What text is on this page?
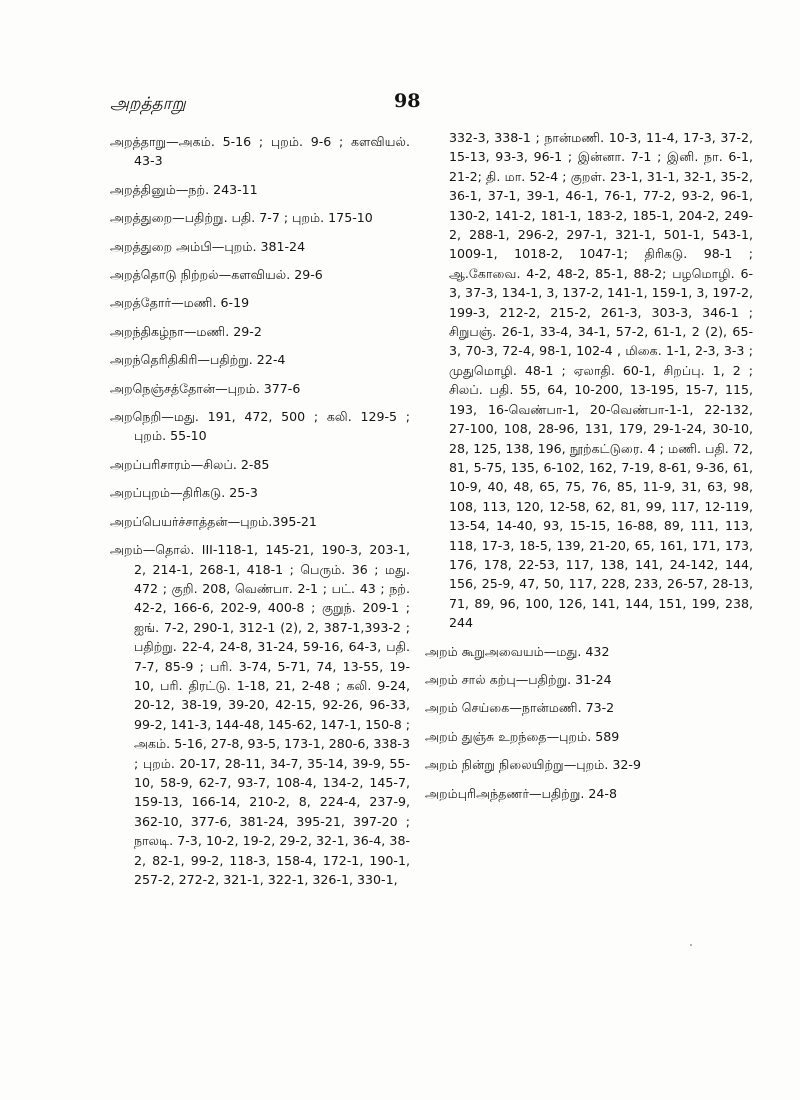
அறத்தாறு	98

அறத்தாறு—அகம். 5-16 ; புறம். 9-6 ; களவியல். 43-3

அறத்தினும்—நற். 243-11

அறத்துறை—பதிற்று. பதி. 7-7 ; புறம். 175-10

அறத்துறை அம்பி—புறம். 381-24

அறத்தொடு நிற்றல்—களவியல். 29-6

அறத்தோர்—மணி. 6-19

அறந்திகழ்நா—மணி. 29-2

அறந்தெரிதிகிரி—பதிற்று. 22-4

அறநெஞ்சத்தோன்—புறம். 377-6

அறநெறி—மது. 191, 472, 500 ; கலி. 129-5 ; புறம். 55-10

அறப்பரிசாரம்—சிலப். 2-85

அறப்புறம்—திரிகடு. 25-3

அறப்பெயர்ச்சாத்தன்—புறம்.395-21

அறம்—தொல். III-118-1, 145-21, 190-3, 203-1, 2, 214-1, 268-1, 418-1 ; பெரும். 36 ; மது. 472 ; குறி. 208, வெண்பா. 2-1 ; பட். 43 ; நற். 42-2, 166-6, 202-9, 400-8 ; குறுந். 209-1 ; ஐங். 7-2, 290-1, 312-1 (2), 2, 387-1,393-2 ; பதிற்று. 22-4, 24-8, 31-24, 59-16, 64-3, பதி. 7-7, 85-9 ; பரி. 3-74, 5-71, 74, 13-55, 19-10, பரி. திரட்டு. 1-18, 21, 2-48 ; கலி. 9-24, 20-12, 38-19, 39-20, 42-15, 92-26, 96-33, 99-2, 141-3, 144-48, 145-62, 147-1, 150-8 ; அகம். 5-16, 27-8, 93-5, 173-1, 280-6, 338-3 ; புறம். 20-17, 28-11, 34-7, 35-14, 39-9, 55-10, 58-9, 62-7, 93-7, 108-4, 134-2, 145-7, 159-13, 166-14, 210-2, 8, 224-4, 237-9, 362-10, 377-6, 381-24, 395-21, 397-20 ; நாலடி. 7-3, 10-2, 19-2, 29-2, 32-1, 36-4, 38-2, 82-1, 99-2, 118-3, 158-4, 172-1, 190-1, 257-2, 272-2, 321-1, 322-1, 326-1, 330-1,

332-3, 338-1 ; நான்மணி. 10-3, 11-4, 17-3, 37-2, 15-13, 93-3, 96-1 ; இன்னா. 7-1 ; இனி. நா. 6-1, 21-2; தி. மா. 52-4 ; குறள். 23-1, 31-1, 32-1, 35-2, 36-1, 37-1, 39-1, 46-1, 76-1, 77-2, 93-2, 96-1, 130-2, 141-2, 181-1, 183-2, 185-1, 204-2, 249-2, 288-1, 296-2, 297-1, 321-1, 501-1, 543-1, 1009-1, 1018-2, 1047-1; திரிகடு. 98-1 ; ஆ.கோவை. 4-2, 48-2, 85-1, 88-2; பழமொழி. 6-3, 37-3, 134-1, 3, 137-2, 141-1, 159-1, 3, 197-2, 199-3, 212-2, 215-2, 261-3, 303-3, 346-1 ; சிறுபஞ். 26-1, 33-4, 34-1, 57-2, 61-1, 2 (2), 65-3, 70-3, 72-4, 98-1, 102-4 , மிகை. 1-1, 2-3, 3-3 ; முதுமொழி. 48-1 ; ஏலாதி. 60-1, சிறப்பு. 1, 2 ; சிலப். பதி. 55, 64, 10-200, 13-195, 15-7, 115, 193, 16-வெண்பா-1, 20-வெண்பா-1-1, 22-132, 27-100, 108, 28-96, 131, 179, 29-1-24, 30-10, 28, 125, 138, 196, நூற்கட்டுரை. 4 ; மணி. பதி. 72, 81, 5-75, 135, 6-102, 162, 7-19, 8-61, 9-36, 61, 10-9, 40, 48, 65, 75, 76, 85, 11-9, 31, 63, 98, 108, 113, 120, 12-58, 62, 81, 99, 117, 12-119, 13-54, 14-40, 93, 15-15, 16-88, 89, 111, 113, 118, 17-3, 18-5, 139, 21-20, 65, 161, 171, 173, 176, 178, 22-53, 117, 138, 141, 24-142, 144, 156, 25-9, 47, 50, 117, 228, 233, 26-57, 28-13, 71, 89, 96, 100, 126, 141, 144, 151, 199, 238, 244

அறம் கூறுஅவையம்—மது. 432

அறம் சால் கற்பு—பதிற்று. 31-24

அறம் செய்கை—நான்மணி. 73-2

அறம் துஞ்சு உறந்தை—புறம். 589

அறம் நின்று நிலையிற்று—புறம். 32-9

அறம்புரிஅந்தணர்—பதிற்று. 24-8
